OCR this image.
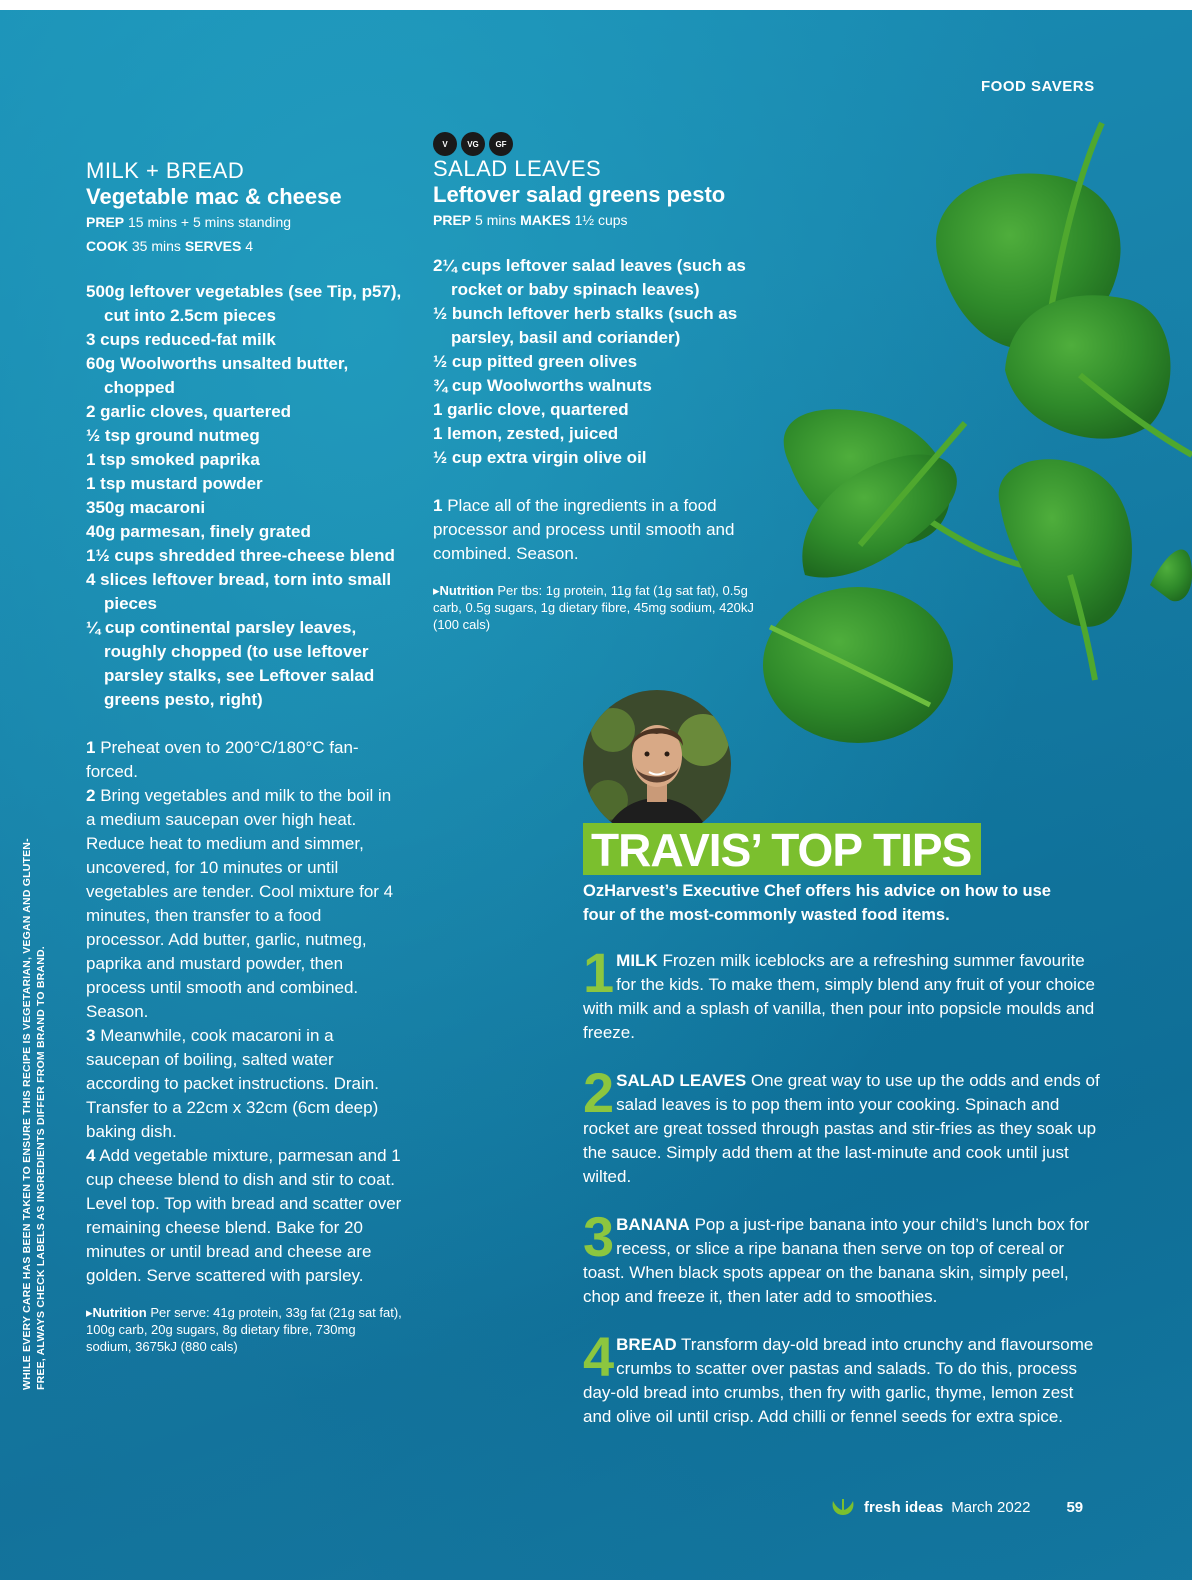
FOOD SAVERS
MILK + BREAD
Vegetable mac & cheese
PREP 15 mins + 5 mins standing
COOK 35 mins SERVES 4
500g leftover vegetables (see Tip, p57), cut into 2.5cm pieces
3 cups reduced-fat milk
60g Woolworths unsalted butter, chopped
2 garlic cloves, quartered
½ tsp ground nutmeg
1 tsp smoked paprika
1 tsp mustard powder
350g macaroni
40g parmesan, finely grated
1½ cups shredded three-cheese blend
4 slices leftover bread, torn into small pieces
¼ cup continental parsley leaves, roughly chopped (to use leftover parsley stalks, see Leftover salad greens pesto, right)

1 Preheat oven to 200°C/180°C fan-forced.

2 Bring vegetables and milk to the boil in a medium saucepan over high heat. Reduce heat to medium and simmer, uncovered, for 10 minutes or until vegetables are tender. Cool mixture for 4 minutes, then transfer to a food processor. Add butter, garlic, nutmeg, paprika and mustard powder, then process until smooth and combined. Season.

3 Meanwhile, cook macaroni in a saucepan of boiling, salted water according to packet instructions. Drain. Transfer to a 22cm x 32cm (6cm deep) baking dish.

4 Add vegetable mixture, parmesan and 1 cup cheese blend to dish and stir to coat. Level top. Top with bread and scatter over remaining cheese blend. Bake for 20 minutes or until bread and cheese are golden. Serve scattered with parsley.

▸Nutrition Per serve: 41g protein, 33g fat (21g sat fat), 100g carb, 20g sugars, 8g dietary fibre, 730mg sodium, 3675kJ (880 cals)
V	VG	GF
SALAD LEAVES
Leftover salad greens pesto
PREP 5 mins MAKES 1½ cups
2¼ cups leftover salad leaves (such as rocket or baby spinach leaves)
½ bunch leftover herb stalks (such as parsley, basil and coriander)
½ cup pitted green olives
¾ cup Woolworths walnuts
1 garlic clove, quartered
1 lemon, zested, juiced
½ cup extra virgin olive oil

1 Place all of the ingredients in a food processor and process until smooth and combined. Season.

▸Nutrition Per tbs: 1g protein, 11g fat (1g sat fat), 0.5g carb, 0.5g sugars, 1g dietary fibre, 45mg sodium, 420kJ (100 cals)
WHILE EVERY CARE HAS BEEN TAKEN TO ENSURE THIS RECIPE IS VEGETARIAN, VEGAN AND GLUTEN-FREE, ALWAYS CHECK LABELS AS INGREDIENTS DIFFER FROM BRAND TO BRAND.
TRAVIS’ TOP TIPS
OzHarvest’s Executive Chef offers his advice on how to use four of the most-commonly wasted food items.
1 MILK Frozen milk iceblocks are a refreshing summer favourite for the kids. To make them, simply blend any fruit of your choice with milk and a splash of vanilla, then pour into popsicle moulds and freeze.
2 SALAD LEAVES One great way to use up the odds and ends of salad leaves is to pop them into your cooking. Spinach and rocket are great tossed through pastas and stir-fries as they soak up the sauce. Simply add them at the last-minute and cook until just wilted.
3 BANANA Pop a just-ripe banana into your child’s lunch box for recess, or slice a ripe banana then serve on top of cereal or toast. When black spots appear on the banana skin, simply peel, chop and freeze it, then later add to smoothies.
4 BREAD Transform day-old bread into crunchy and flavoursome crumbs to scatter over pastas and salads. To do this, process day-old bread into crumbs, then fry with garlic, thyme, lemon zest and olive oil until crisp. Add chilli or fennel seeds for extra spice.
fresh ideas March 2022 59
